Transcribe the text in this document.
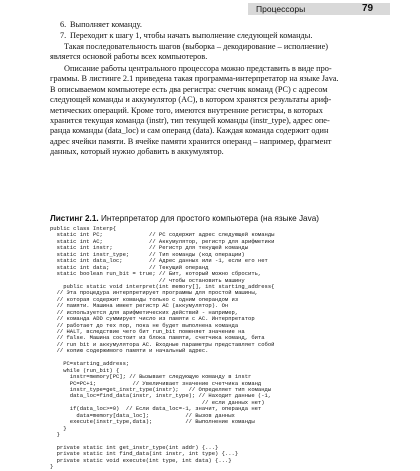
Процессоры	79
6. Выполняет команду.
7. Переходит к шагу 1, чтобы начать выполнение следующей команды.

Такая последовательность шагов (выборка – декодирование – исполнение)

является основой работы всех компьютеров.

Описание работы центрального процессора можно представить в виде про-

граммы. В листинге 2.1 приведена такая программа-интерпретатор на языке Java.

В описываемом компьютере есть два регистра: счетчик команд (PC) с адресом

следующей команды и аккумулятор (AC), в котором хранятся результаты ариф-

метических операций. Кроме того, имеются внутренние регистры, в которых

хранится текущая команда (instr), тип текущей команды (instr_type), адрес опе-

ранда команды (data_loc) и сам операнд (data). Каждая команда содержит один

адрес ячейки памяти. В ячейке памяти хранится операнд – например, фрагмент

данных, который нужно добавить в аккумулятор.

Листинг 2.1. Интерпретатор для простого компьютера (на языке Java)
public class Interp{
static int PC;              // PC содержит адрес следующей команды
static int AC;              // Аккумулятор, регистр для арифметики
static int instr;           // Регистр для текущей команды
static int instr_type;      // Тип команды (код операции)
static int data_loc;        // Адрес данных или -1, если его нет
static int data;            // Текущий операнд
static boolean run_bit = true; // Бит, который можно сбросить,
// чтобы остановить машину
public static void interpret(int memory[], int starting_address{
// Эта процедура интерпретирует программы для простой машины,
// которая содержит команды только с одним операндом из
// памяти. Машина имеет регистр AC (аккумулятор). Он
// используется для арифметических действий - например,
// команда ADD суммирует число из памяти с AC. Интерпретатор
// работает до тех пор, пока не будет выполнена команда
// HALT, вследствие чего бит run_bit поменяет значение на
// false. Машина состоит из блока памяти, счетчика команд, бита
// run bit и аккумулятора AC. Входные параметры представляет собой
// копию содержимого памяти и начальный адрес.
PC=starting_address;
while (run_bit) {
instr=memory[PC]; // Вызывает следующую команду в instr
PC=PC+1;           // Увеличивает значение счетчика команд
instr_type=get_instr_type(instr);   // Определяет тип команды
data_loc=find_data(instr, instr_type); // Находит данные (-1,
// если данных нет)
if(data_loc>=0)  // Если data_loc=-1, значит, операнда нет
data=memory[data_loc];           // Вызов данных
execute(instr_type,data);          // Выполнение команды
}
}
private static int get_instr_type(int addr) {...}
private static int find_data(int instr, int type) {...}
private static void execute(int type, int data) {...}
}
